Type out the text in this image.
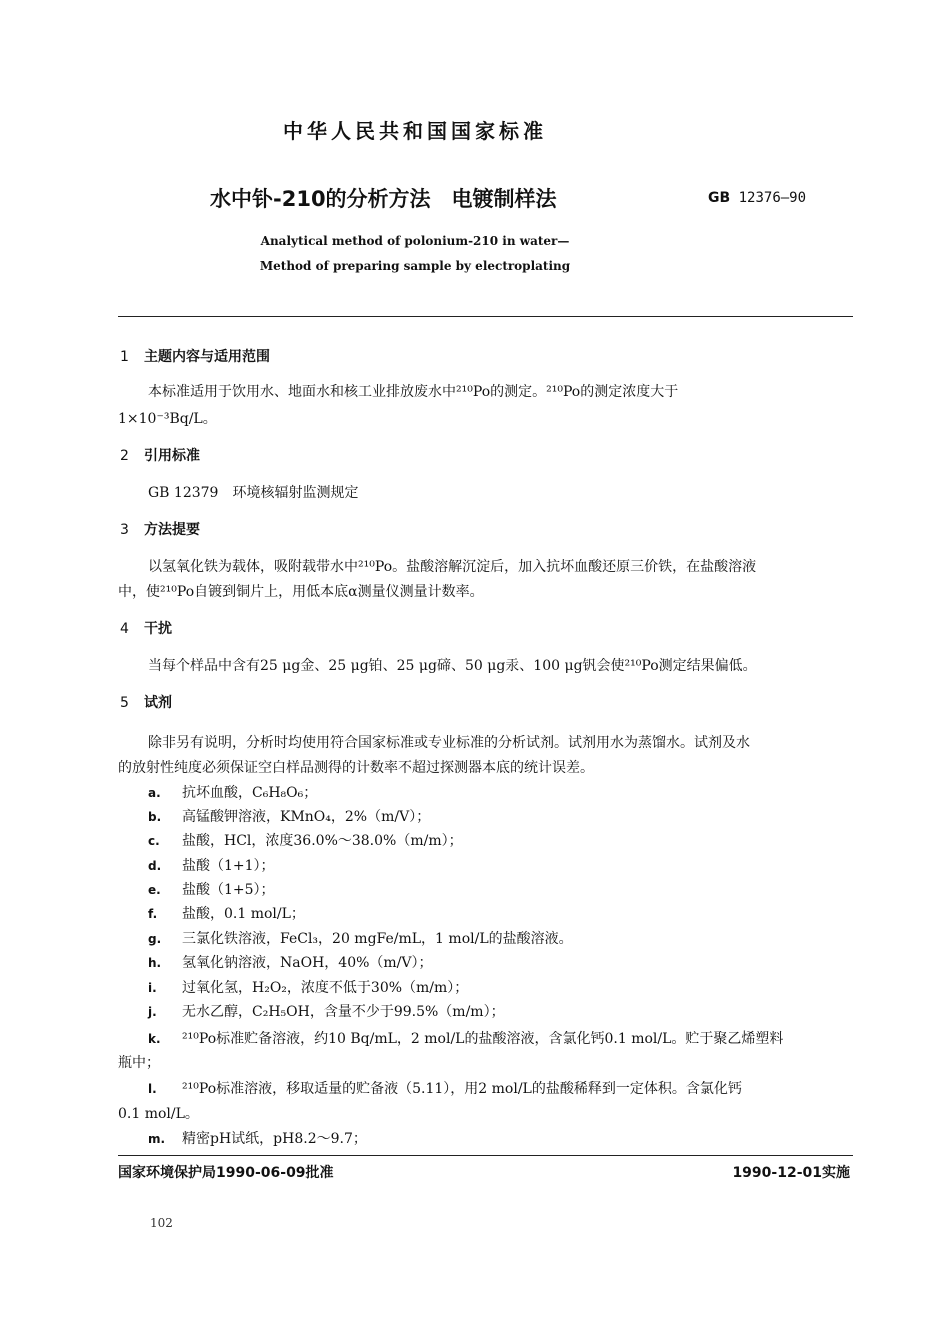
中华人民共和国国家标准
水中钋-210的分析方法　电镀制样法	GB 12376—90
Analytical method of polonium-210 in water—
Method of preparing sample by electroplating
1 主题内容与适用范围
本标准适用于饮用水、地面水和核工业排放废水中²¹⁰Po的测定。²¹⁰Po的测定浓度大于
1×10⁻³Bq/L。
2 引用标准
GB 12379　环境核辐射监测规定
3 方法提要
以氢氧化铁为载体，吸附载带水中²¹⁰Po。盐酸溶解沉淀后，加入抗坏血酸还原三价铁，在盐酸溶液
中，使²¹⁰Po自镀到铜片上，用低本底α测量仪测量计数率。
4 干扰
当每个样品中含有25 μg金、25 μg铂、25 μg碲、50 μg汞、100 μg钒会使²¹⁰Po测定结果偏低。
5 试剂
除非另有说明，分析时均使用符合国家标准或专业标准的分析试剂。试剂用水为蒸馏水。试剂及水
的放射性纯度必须保证空白样品测得的计数率不超过探测器本底的统计误差。
a. 抗坏血酸，C₆H₈O₆；
b. 高锰酸钾溶液，KMnO₄，2%（m/V）；
c. 盐酸，HCl，浓度36.0%～38.0%（m/m）；
d. 盐酸（1+1）；
e. 盐酸（1+5）；
f. 盐酸，0.1 mol/L；
g. 三氯化铁溶液，FeCl₃，20 mgFe/mL，1 mol/L的盐酸溶液。
h. 氢氧化钠溶液，NaOH，40%（m/V）；
i. 过氧化氢，H₂O₂，浓度不低于30%（m/m）；
j. 无水乙醇，C₂H₅OH，含量不少于99.5%（m/m）；
k. ²¹⁰Po标准贮备溶液，约10 Bq/mL，2 mol/L的盐酸溶液，含氯化钙0.1 mol/L。贮于聚乙烯塑料
瓶中；
l. ²¹⁰Po标准溶液，移取适量的贮备液（5.11），用2 mol/L的盐酸稀释到一定体积。含氯化钙
0.1 mol/L。
m. 精密pH试纸，pH8.2～9.7；
国家环境保护局1990-06-09批准	1990-12-01实施
102
